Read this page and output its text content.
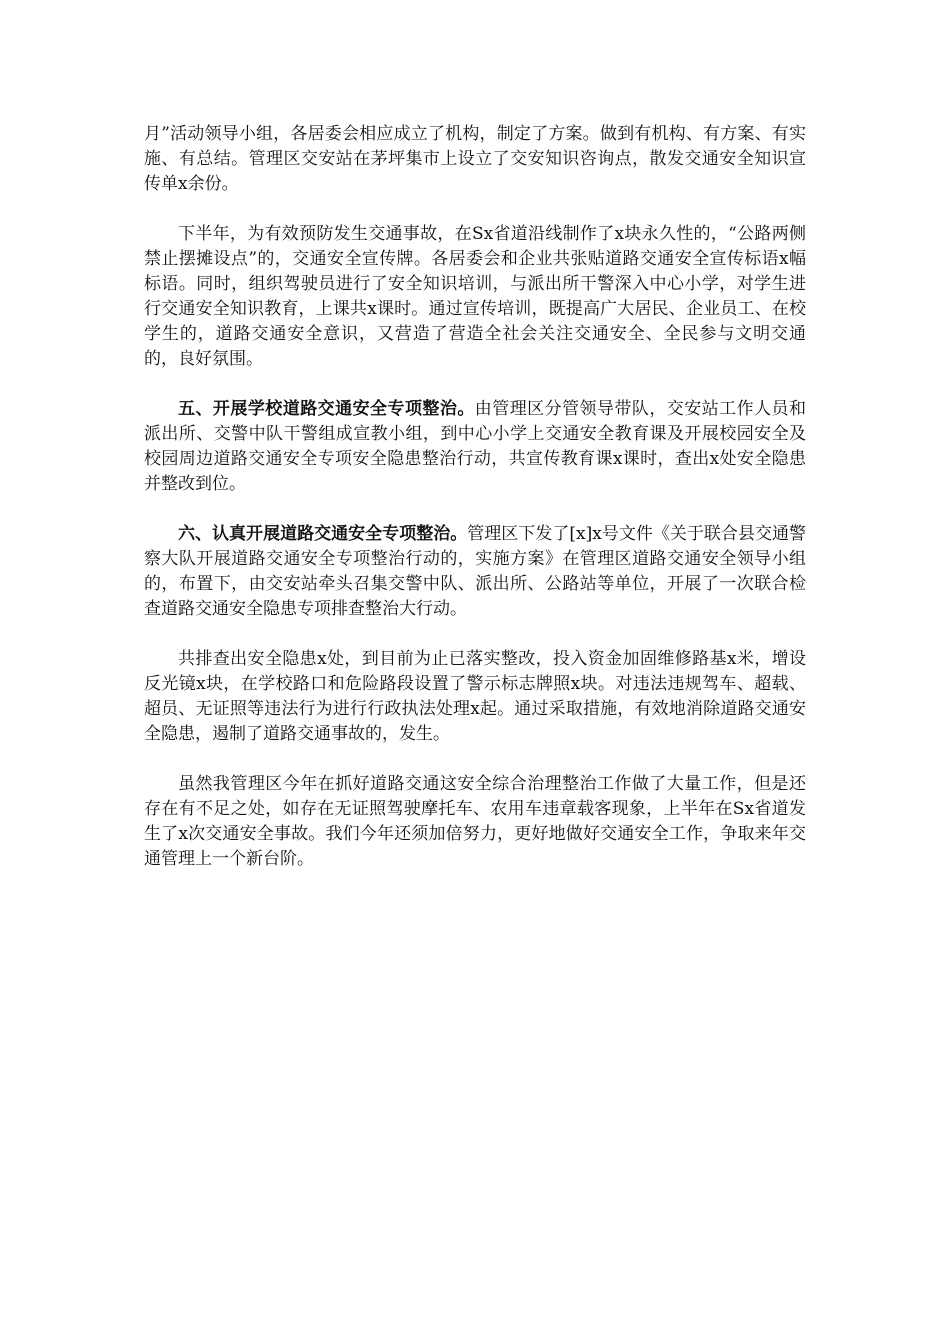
月”活动领导小组，各居委会相应成立了机构，制定了方案。做到有机构、有方案、有实施、有总结。管理区交安站在茅坪集市上设立了交安知识咨询点，散发交通安全知识宣传单x余份。

下半年，为有效预防发生交通事故，在Sx省道沿线制作了x块永久性的，“公路两侧禁止摆摊设点”的，交通安全宣传牌。各居委会和企业共张贴道路交通安全宣传标语x幅标语。同时，组织驾驶员进行了安全知识培训，与派出所干警深入中心小学，对学生进行交通安全知识教育，上课共x课时。通过宣传培训，既提高广大居民、企业员工、在校学生的，道路交通安全意识，又营造了营造全社会关注交通安全、全民参与文明交通的，良好氛围。

五、开展学校道路交通安全专项整治。由管理区分管领导带队，交安站工作人员和派出所、交警中队干警组成宣教小组，到中心小学上交通安全教育课及开展校园安全及校园周边道路交通安全专项安全隐患整治行动，共宣传教育课x课时，查出x处安全隐患并整改到位。

六、认真开展道路交通安全专项整治。管理区下发了[x]x号文件《关于联合县交通警察大队开展道路交通安全专项整治行动的，实施方案》在管理区道路交通安全领导小组的，布置下，由交安站牵头召集交警中队、派出所、公路站等单位，开展了一次联合检查道路交通安全隐患专项排查整治大行动。

共排查出安全隐患x处，到目前为止已落实整改，投入资金加固维修路基x米，增设反光镜x块，在学校路口和危险路段设置了警示标志牌照x块。对违法违规驾车、超载、超员、无证照等违法行为进行行政执法处理x起。通过采取措施，有效地消除道路交通安全隐患，遏制了道路交通事故的，发生。

虽然我管理区今年在抓好道路交通这安全综合治理整治工作做了大量工作，但是还存在有不足之处，如存在无证照驾驶摩托车、农用车违章载客现象，上半年在Sx省道发生了x次交通安全事故。我们今年还须加倍努力，更好地做好交通安全工作，争取来年交通管理上一个新台阶。
